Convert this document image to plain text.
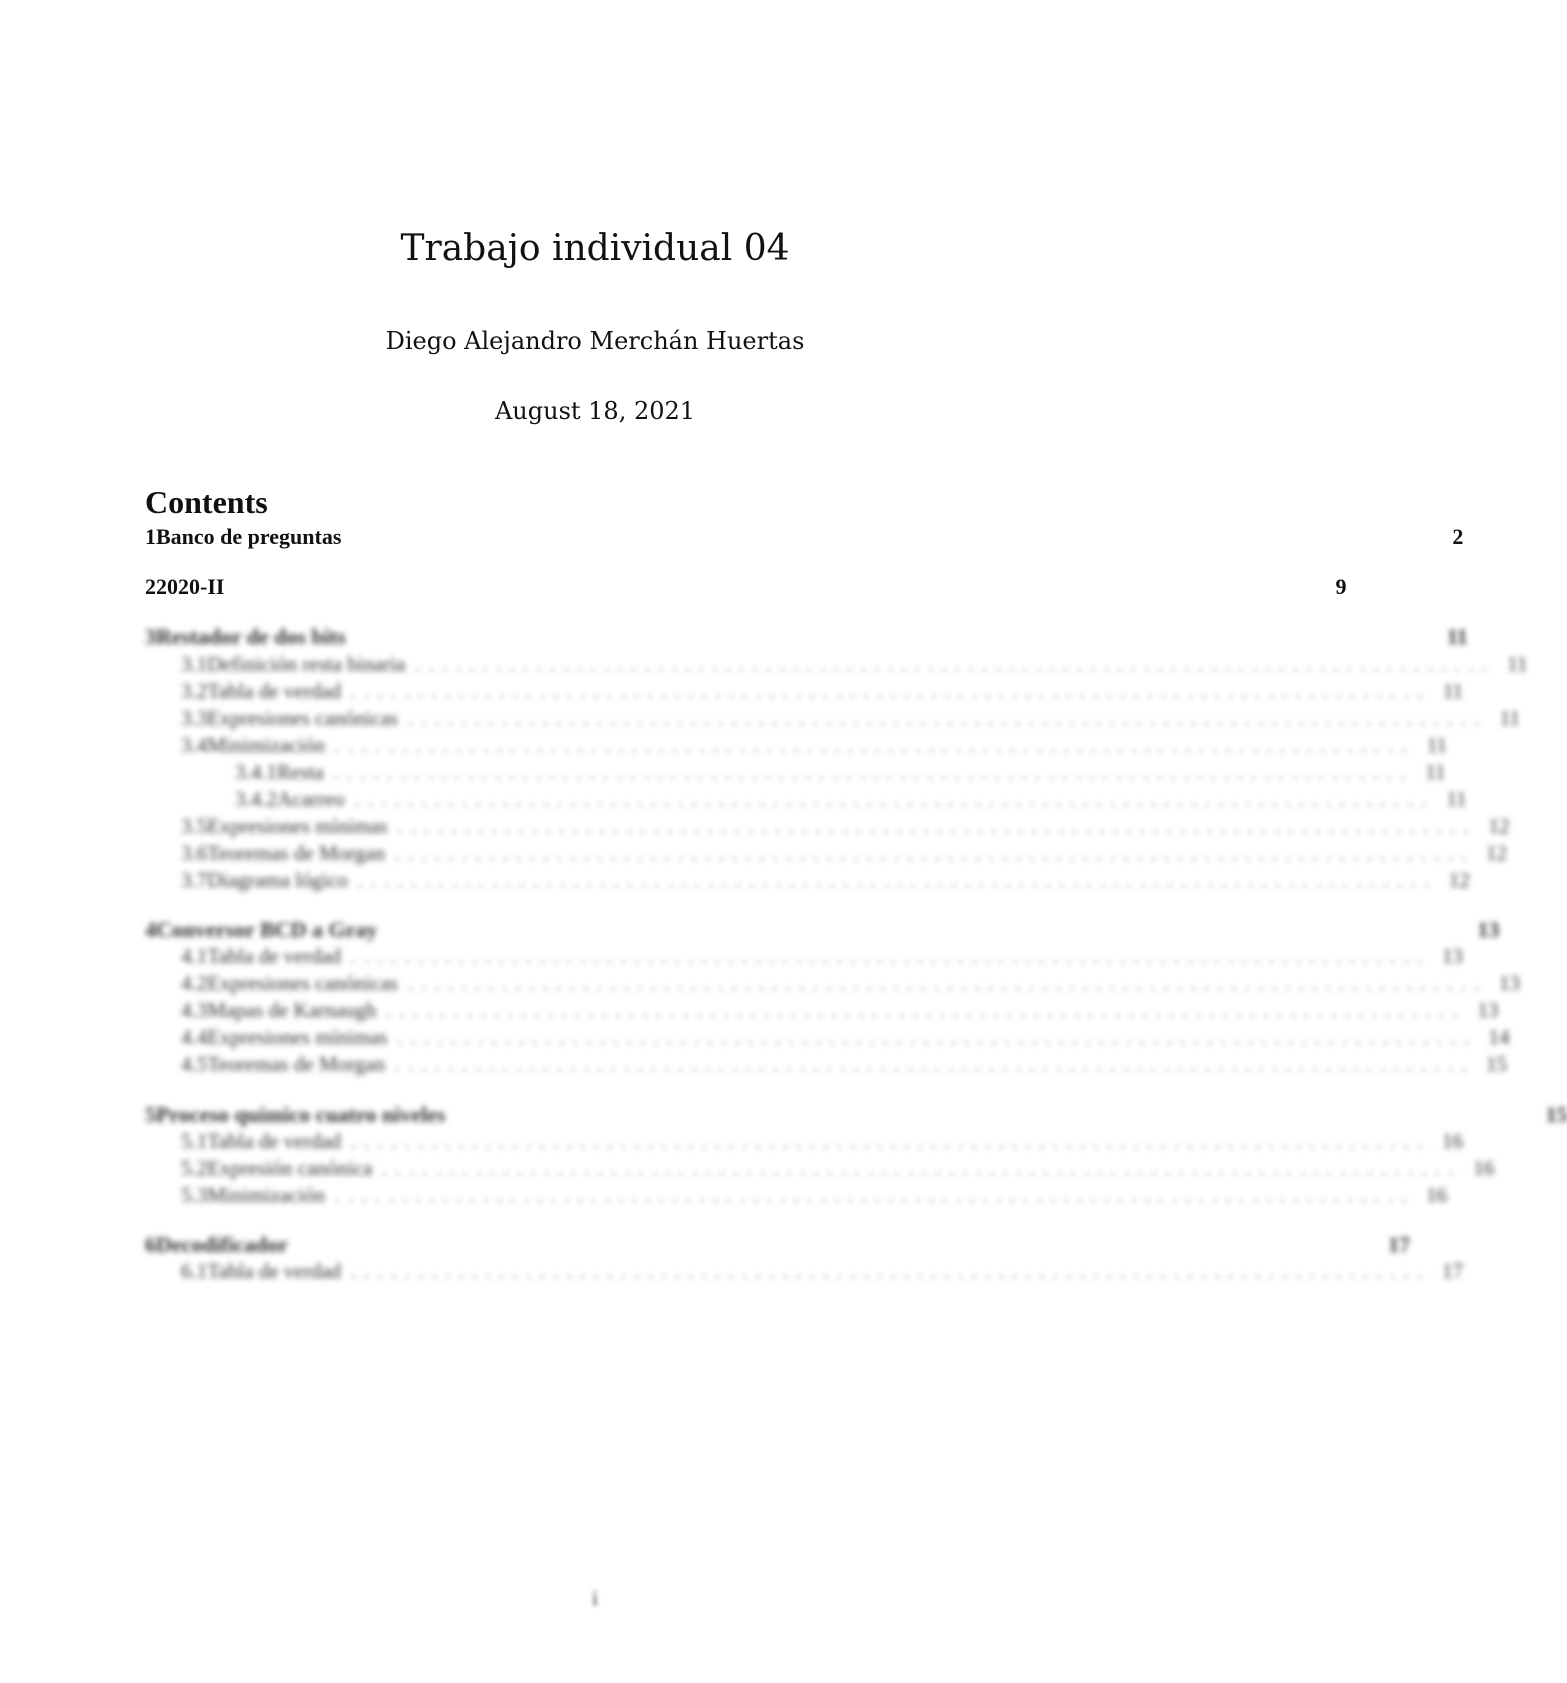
Trabajo individual 04

Diego Alejandro Merchán Huertas

August 18, 2021

Contents
1 Banco de preguntas	2
2 2020-II	9
3 Restador de dos bits	11
3.1 Definición resta binaria ................................................................................ 11
3.2 Tabla de verdad ................................................................................ 11
3.3 Expresiones canónicas ................................................................................ 11
3.4 Minimización ................................................................................ 11
3.4.1 Resta ................................................................................ 11
3.4.2 Acarreo ................................................................................ 11
3.5 Expresiones mínimas ................................................................................ 12
3.6 Teoremas de Morgan ................................................................................ 12
3.7 Diagrama lógico ................................................................................ 12
4 Conversor BCD a Gray	13
4.1 Tabla de verdad ................................................................................ 13
4.2 Expresiones canónicas ................................................................................ 13
4.3 Mapas de Karnaugh ................................................................................ 13
4.4 Expresiones mínimas ................................................................................ 14
4.5 Teoremas de Morgan ................................................................................ 15
5 Proceso químico cuatro niveles	15
5.1 Tabla de verdad ................................................................................ 16
5.2 Expresión canónica ................................................................................ 16
5.3 Minimización ................................................................................ 16
6 Decodificador	17
6.1 Tabla de verdad ................................................................................ 17
i
